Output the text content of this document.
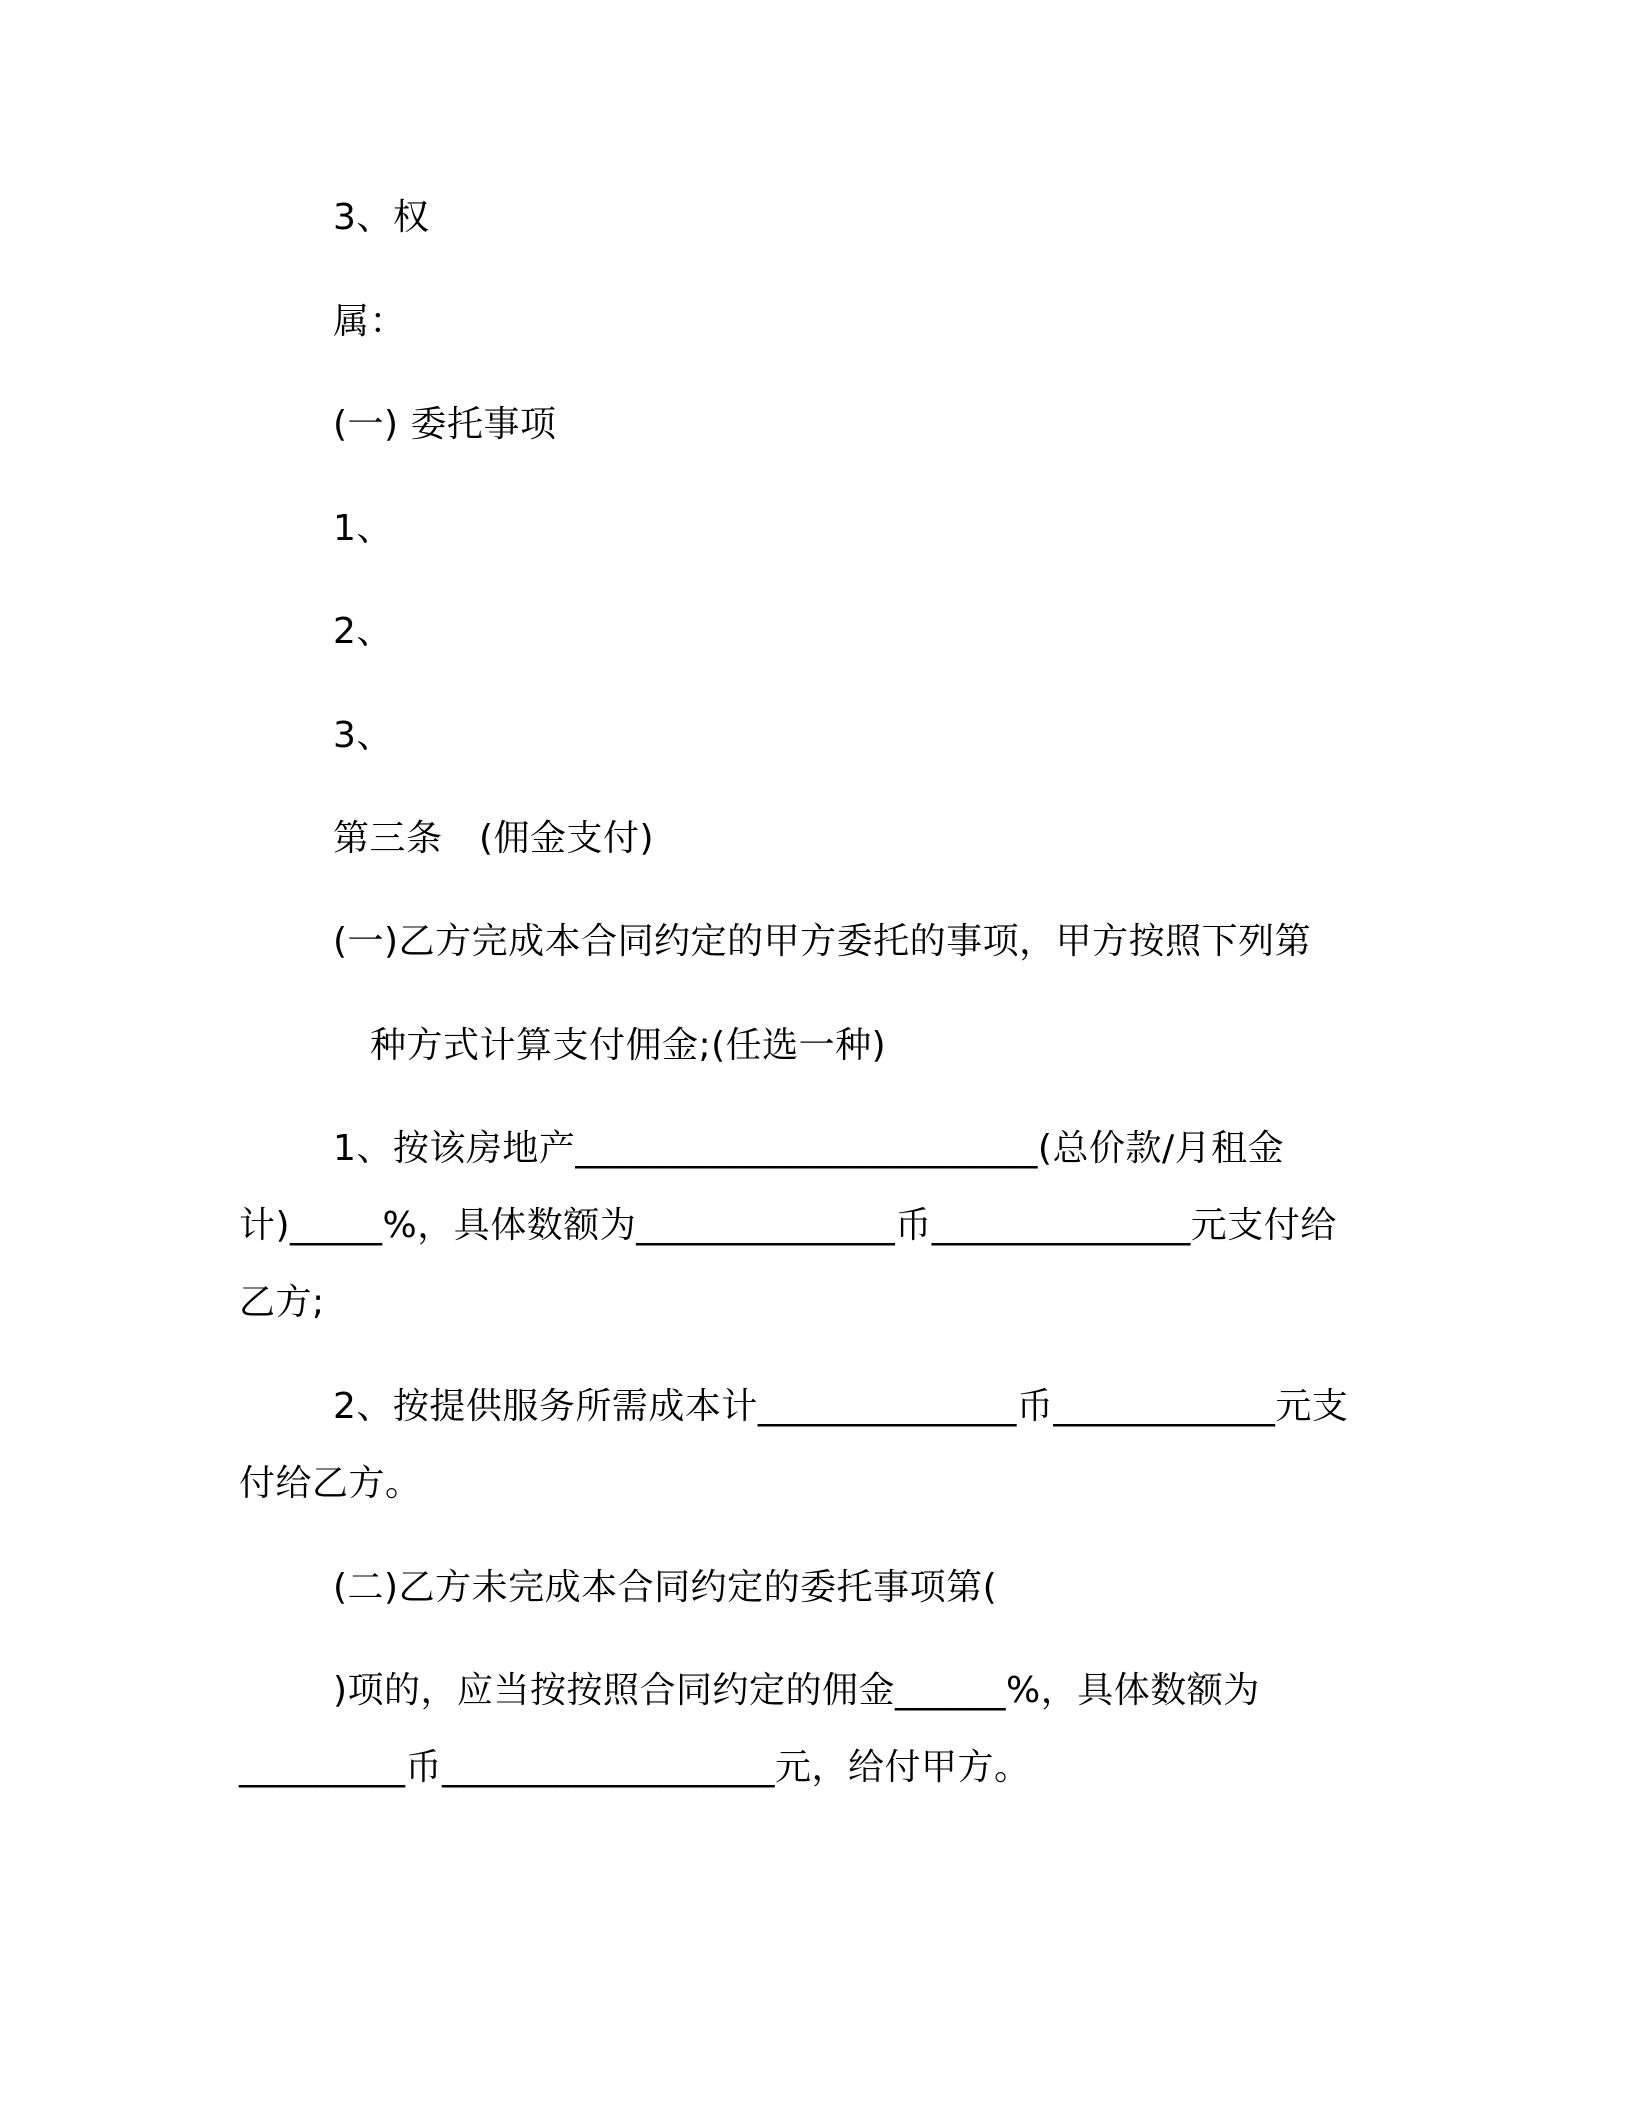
3、权
属：
(一) 委托事项
1、
2、
3、
第三条　(佣金支付)
(一)乙方完成本合同约定的甲方委托的事项，甲方按照下列第
种方式计算支付佣金;(任选一种)
1、按该房地产_________________________(总价款/月租金
计)_____%，具体数额为______________币______________元支付给
乙方;
2、按提供服务所需成本计______________币____________元支
付给乙方。
(二)乙方未完成本合同约定的委托事项第(
)项的，应当按按照合同约定的佣金______%，具体数额为
_________币__________________元，给付甲方。
